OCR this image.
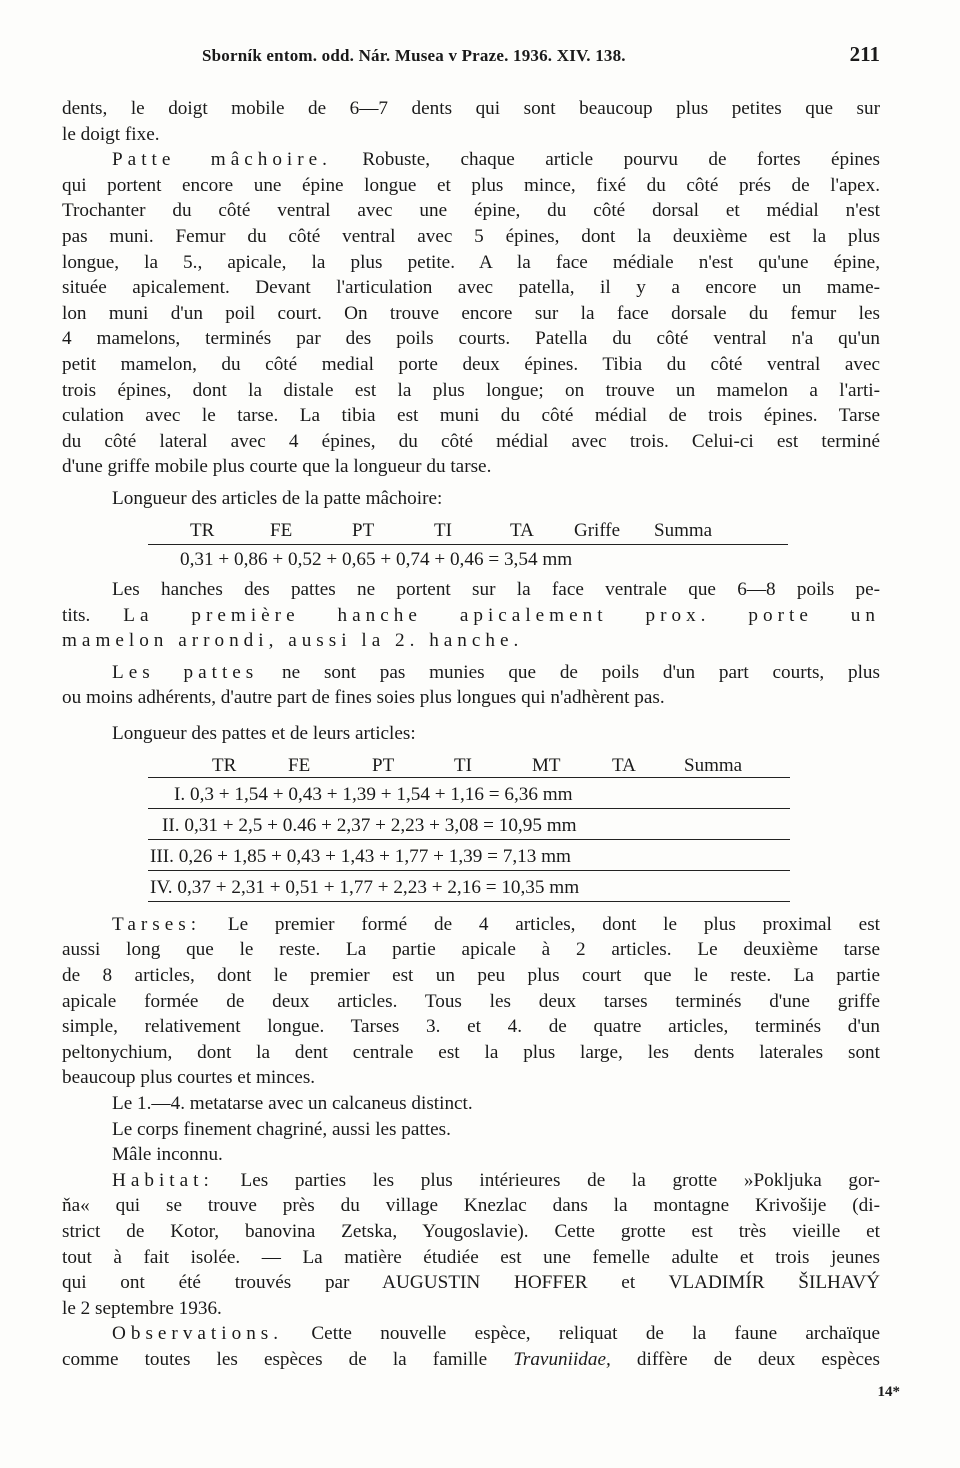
Sborník entom. odd. Nár. Musea v Praze. 1936. XIV. 138.	211

dents, le doigt mobile de 6—7 dents qui sont beaucoup plus petites que sur
le doigt fixe.

Patte mâchoire. Robuste, chaque article pourvu de fortes épines
qui portent encore une épine longue et plus mince, fixé du côté prés de l'apex.
Trochanter du côté ventral avec une épine, du côté dorsal et médial n'est
pas muni. Femur du côté ventral avec 5 épines, dont la deuxième est la plus
longue, la 5., apicale, la plus petite. A la face médiale n'est qu'une épine,
située apicalement. Devant l'articulation avec patella, il y a encore un mame-
lon muni d'un poil court. On trouve encore sur la face dorsale du femur les
4 mamelons, terminés par des poils courts. Patella du côté ventral n'a qu'un
petit mamelon, du côté medial porte deux épines. Tibia du côté ventral avec
trois épines, dont la distale est la plus longue; on trouve un mamelon a l'arti-
culation avec le tarse. La tibia est muni du côté médial de trois épines. Tarse
du côté lateral avec 4 épines, du côté médial avec trois. Celui-ci est terminé
d'une griffe mobile plus courte que la longueur du tarse.

Longueur des articles de la patte mâchoire:
TR	FE	PT	TI	TA Griffe Summa
0,31 + 0,86 + 0,52 + 0,65 + 0,74 + 0,46 = 3,54 mm

Les hanches des pattes ne portent sur la face ventrale que 6—8 poils pe-
tits. La première hanche apicalement prox. porte un
mamelon arrondi, aussi la 2. hanche.

Les pattes ne sont pas munies que de poils d'un part courts, plus
ou moins adhérents, d'autre part de fines soies plus longues qui n'adhèrent pas.

Longueur des pattes et de leurs articles:
TR	FE	PT	TI	MT	TA	Summa
I. 0,3 + 1,54 + 0,43 + 1,39 + 1,54 + 1,16 = 6,36 mm
II. 0,31 + 2,5 + 0.46 + 2,37 + 2,23 + 3,08 = 10,95 mm
III. 0,26 + 1,85 + 0,43 + 1,43 + 1,77 + 1,39 = 7,13 mm
IV. 0,37 + 2,31 + 0,51 + 1,77 + 2,23 + 2,16 = 10,35 mm

Tarses: Le premier formé de 4 articles, dont le plus proximal est
aussi long que le reste. La partie apicale à 2 articles. Le deuxième tarse
de 8 articles, dont le premier est un peu plus court que le reste. La partie
apicale formée de deux articles. Tous les deux tarses terminés d'une griffe
simple, relativement longue. Tarses 3. et 4. de quatre articles, terminés d'un
peltonychium, dont la dent centrale est la plus large, les dents laterales sont
beaucoup plus courtes et minces.

Le 1.—4. metatarse avec un calcaneus distinct.

Le corps finement chagriné, aussi les pattes.

Mâle inconnu.

Habitat: Les parties les plus intérieures de la grotte »Pokljuka gor-
ňa« qui se trouve près du village Knezlac dans la montagne Krivošije (di-
strict de Kotor, banovina Zetska, Yougoslavie). Cette grotte est très vieille et
tout à fait isolée. — La matière étudiée est une femelle adulte et trois jeunes
qui ont été trouvés par AUGUSTIN HOFFER et VLADIMÍR ŠILHAVÝ
le 2 septembre 1936.

Observations. Cette nouvelle espèce, reliquat de la faune archaïque
comme toutes les espèces de la famille Travuniidae, diffère de deux espèces

14*
